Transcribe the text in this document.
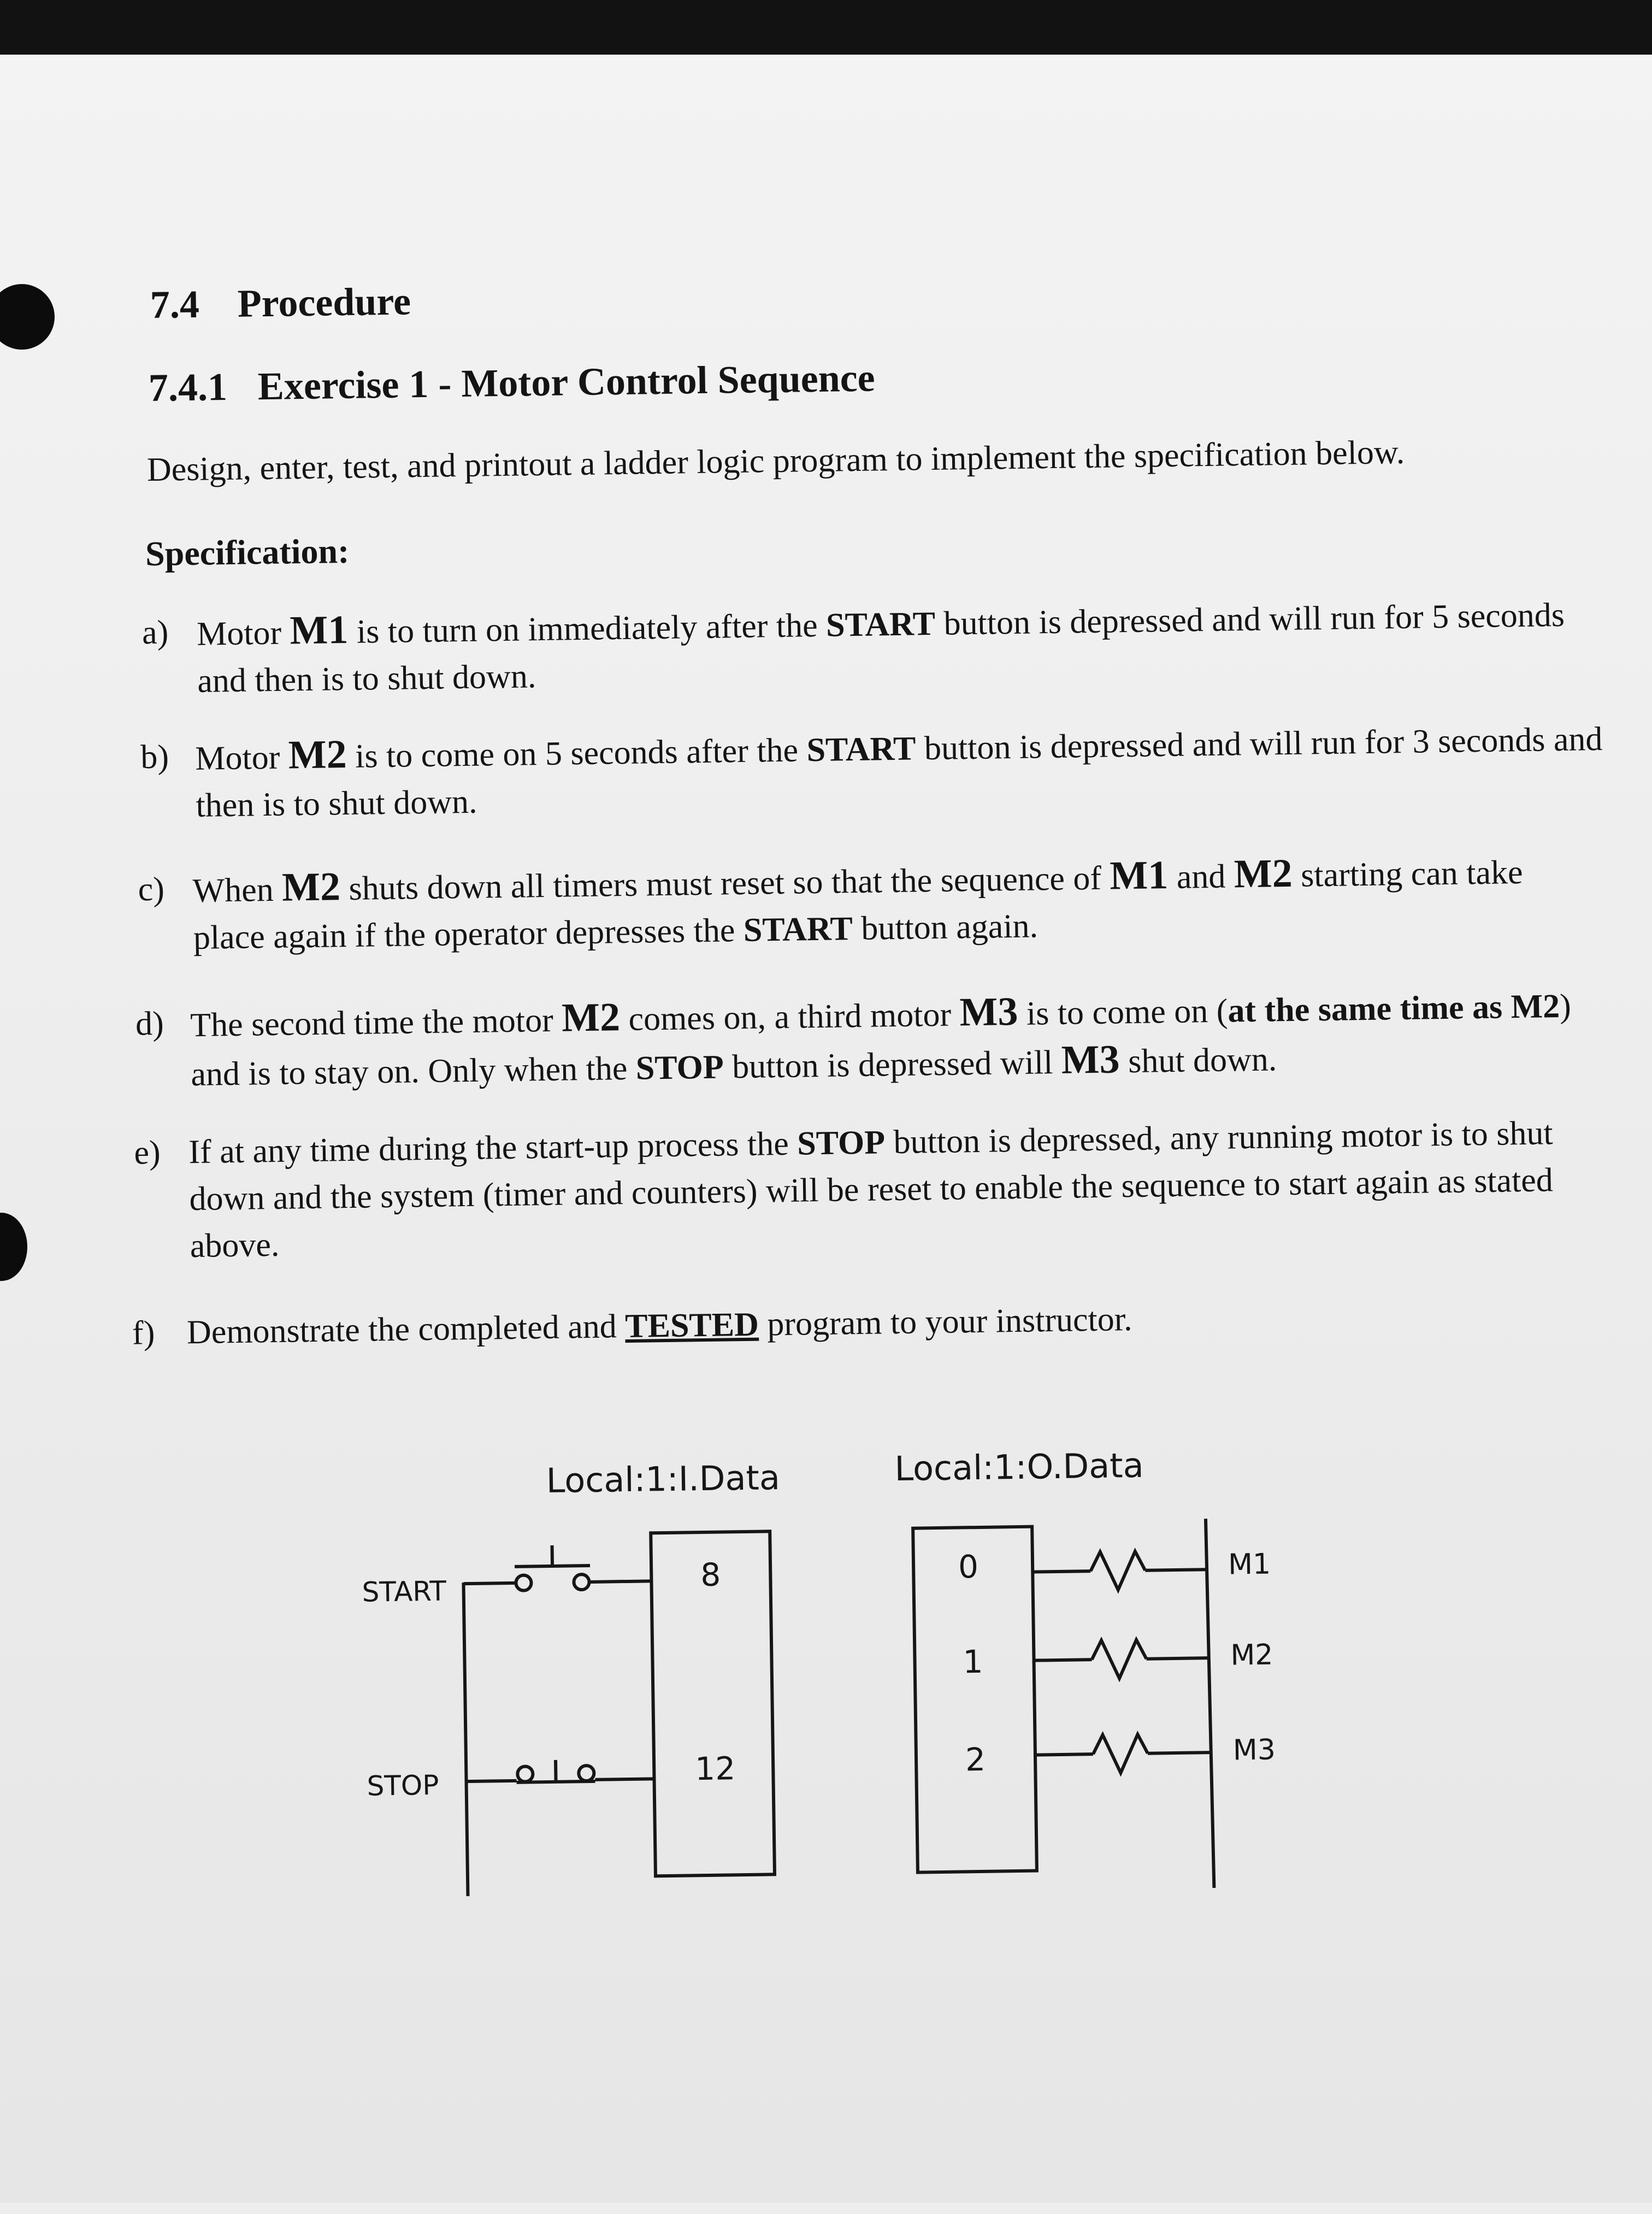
7.4 Procedure
7.4.1 Exercise 1 - Motor Control Sequence
Design, enter, test, and printout a ladder logic program to implement the specification below.
Specification:
a) Motor M1 is to turn on immediately after the START button is depressed and will run for 5 seconds and then is to shut down.
b) Motor M2 is to come on 5 seconds after the START button is depressed and will run for 3 seconds and then is to shut down.
c) When M2 shuts down all timers must reset so that the sequence of M1 and M2 starting can take place again if the operator depresses the START button again.
d) The second time the motor M2 comes on, a third motor M3 is to come on (at the same time as M2) and is to stay on. Only when the STOP button is depressed will M3 shut down.
e) If at any time during the start-up process the STOP button is depressed, any running motor is to shut down and the system (timer and counters) will be reset to enable the sequence to start again as stated above.
f) Demonstrate the completed and TESTED program to your instructor.
Local:1:I.Data	Local:1:O.Data
START
STOP
8
12
0
1
2
M1
M2
M3
